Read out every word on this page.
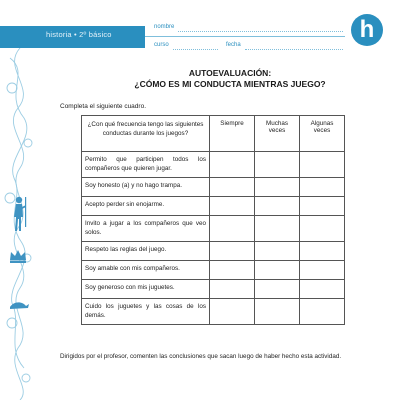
historia • 2º básico
nombre
curso	fecha
h
AUTOEVALUACIÓN:
¿CÓMO ES MI CONDUCTA MIENTRAS JUEGO?
Completa el siguiente cuadro.
¿Con qué frecuencia tengo las siguientes conductas durante los juegos?	Siempre	Muchas veces	Algunas veces
Permito que participen todos los compañeros que quieren jugar.			
Soy honesto (a) y no hago trampa.			
Acepto perder sin enojarme.			
Invito a jugar a los compañeros que veo solos.			
Respeto las reglas del juego.			
Soy amable con mis compañeros.			
Soy generoso con mis juguetes.			
Cuido los juguetes y las cosas de los demás.			
Dirigidos por el profesor, comenten las conclusiones que sacan luego de haber hecho esta actividad.
